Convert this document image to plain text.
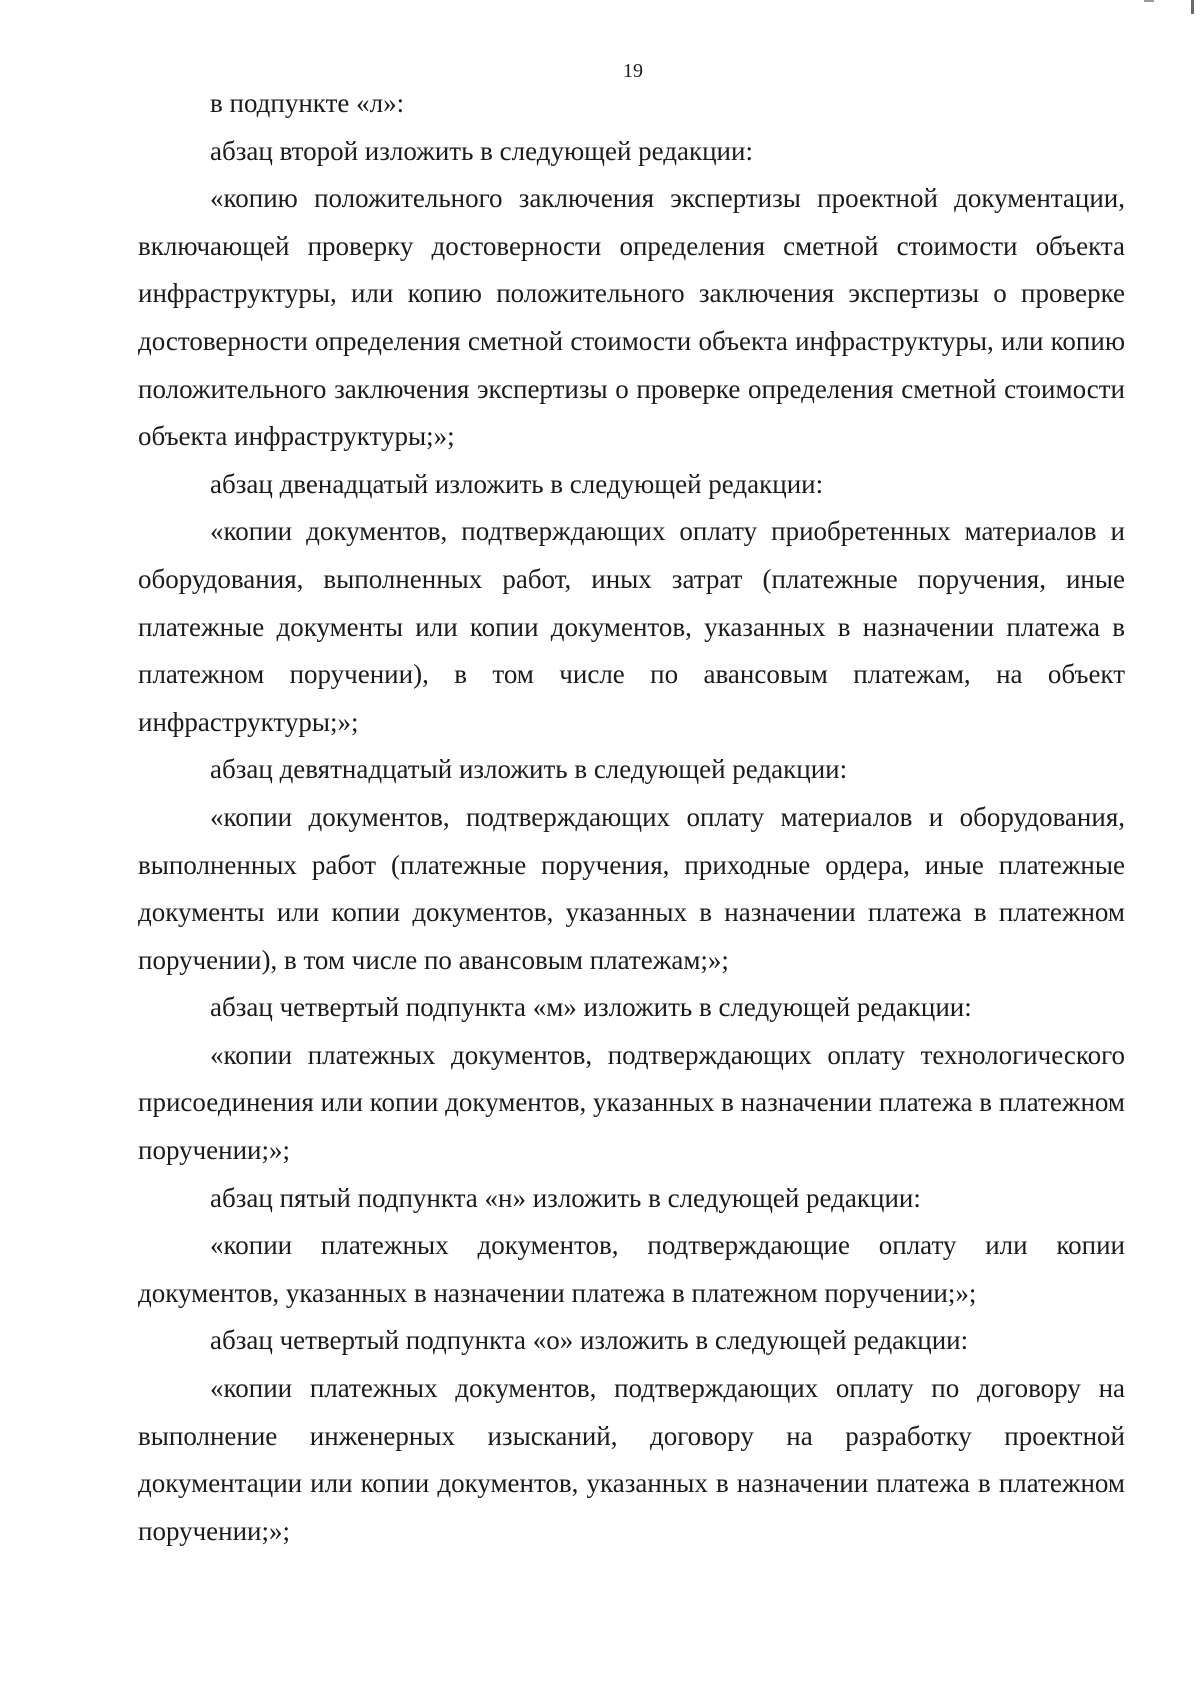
19

в подпункте «л»:

абзац второй изложить в следующей редакции:

«копию положительного заключения экспертизы проектной документации, включающей проверку достоверности определения сметной стоимости объекта инфраструктуры, или копию положительного заключения экспертизы о проверке достоверности определения сметной стоимости объекта инфраструктуры, или копию положительного заключения экспертизы о проверке определения сметной стоимости объекта инфраструктуры;»;

абзац двенадцатый изложить в следующей редакции:

«копии документов, подтверждающих оплату приобретенных материалов и оборудования, выполненных работ, иных затрат (платежные поручения, иные платежные документы или копии документов, указанных в назначении платежа в платежном поручении), в том числе по авансовым платежам, на объект инфраструктуры;»;

абзац девятнадцатый изложить в следующей редакции:

«копии документов, подтверждающих оплату материалов и оборудования, выполненных работ (платежные поручения, приходные ордера, иные платежные документы или копии документов, указанных в назначении платежа в платежном поручении), в том числе по авансовым платежам;»;

абзац четвертый подпункта «м» изложить в следующей редакции:

«копии платежных документов, подтверждающих оплату технологического присоединения или копии документов, указанных в назначении платежа в платежном поручении;»;

абзац пятый подпункта «н» изложить в следующей редакции:

«копии платежных документов, подтверждающие оплату или копии документов, указанных в назначении платежа в платежном поручении;»;

абзац четвертый подпункта «о» изложить в следующей редакции:

«копии платежных документов, подтверждающих оплату по договору на выполнение инженерных изысканий, договору на разработку проектной документации или копии документов, указанных в назначении платежа в платежном поручении;»;
